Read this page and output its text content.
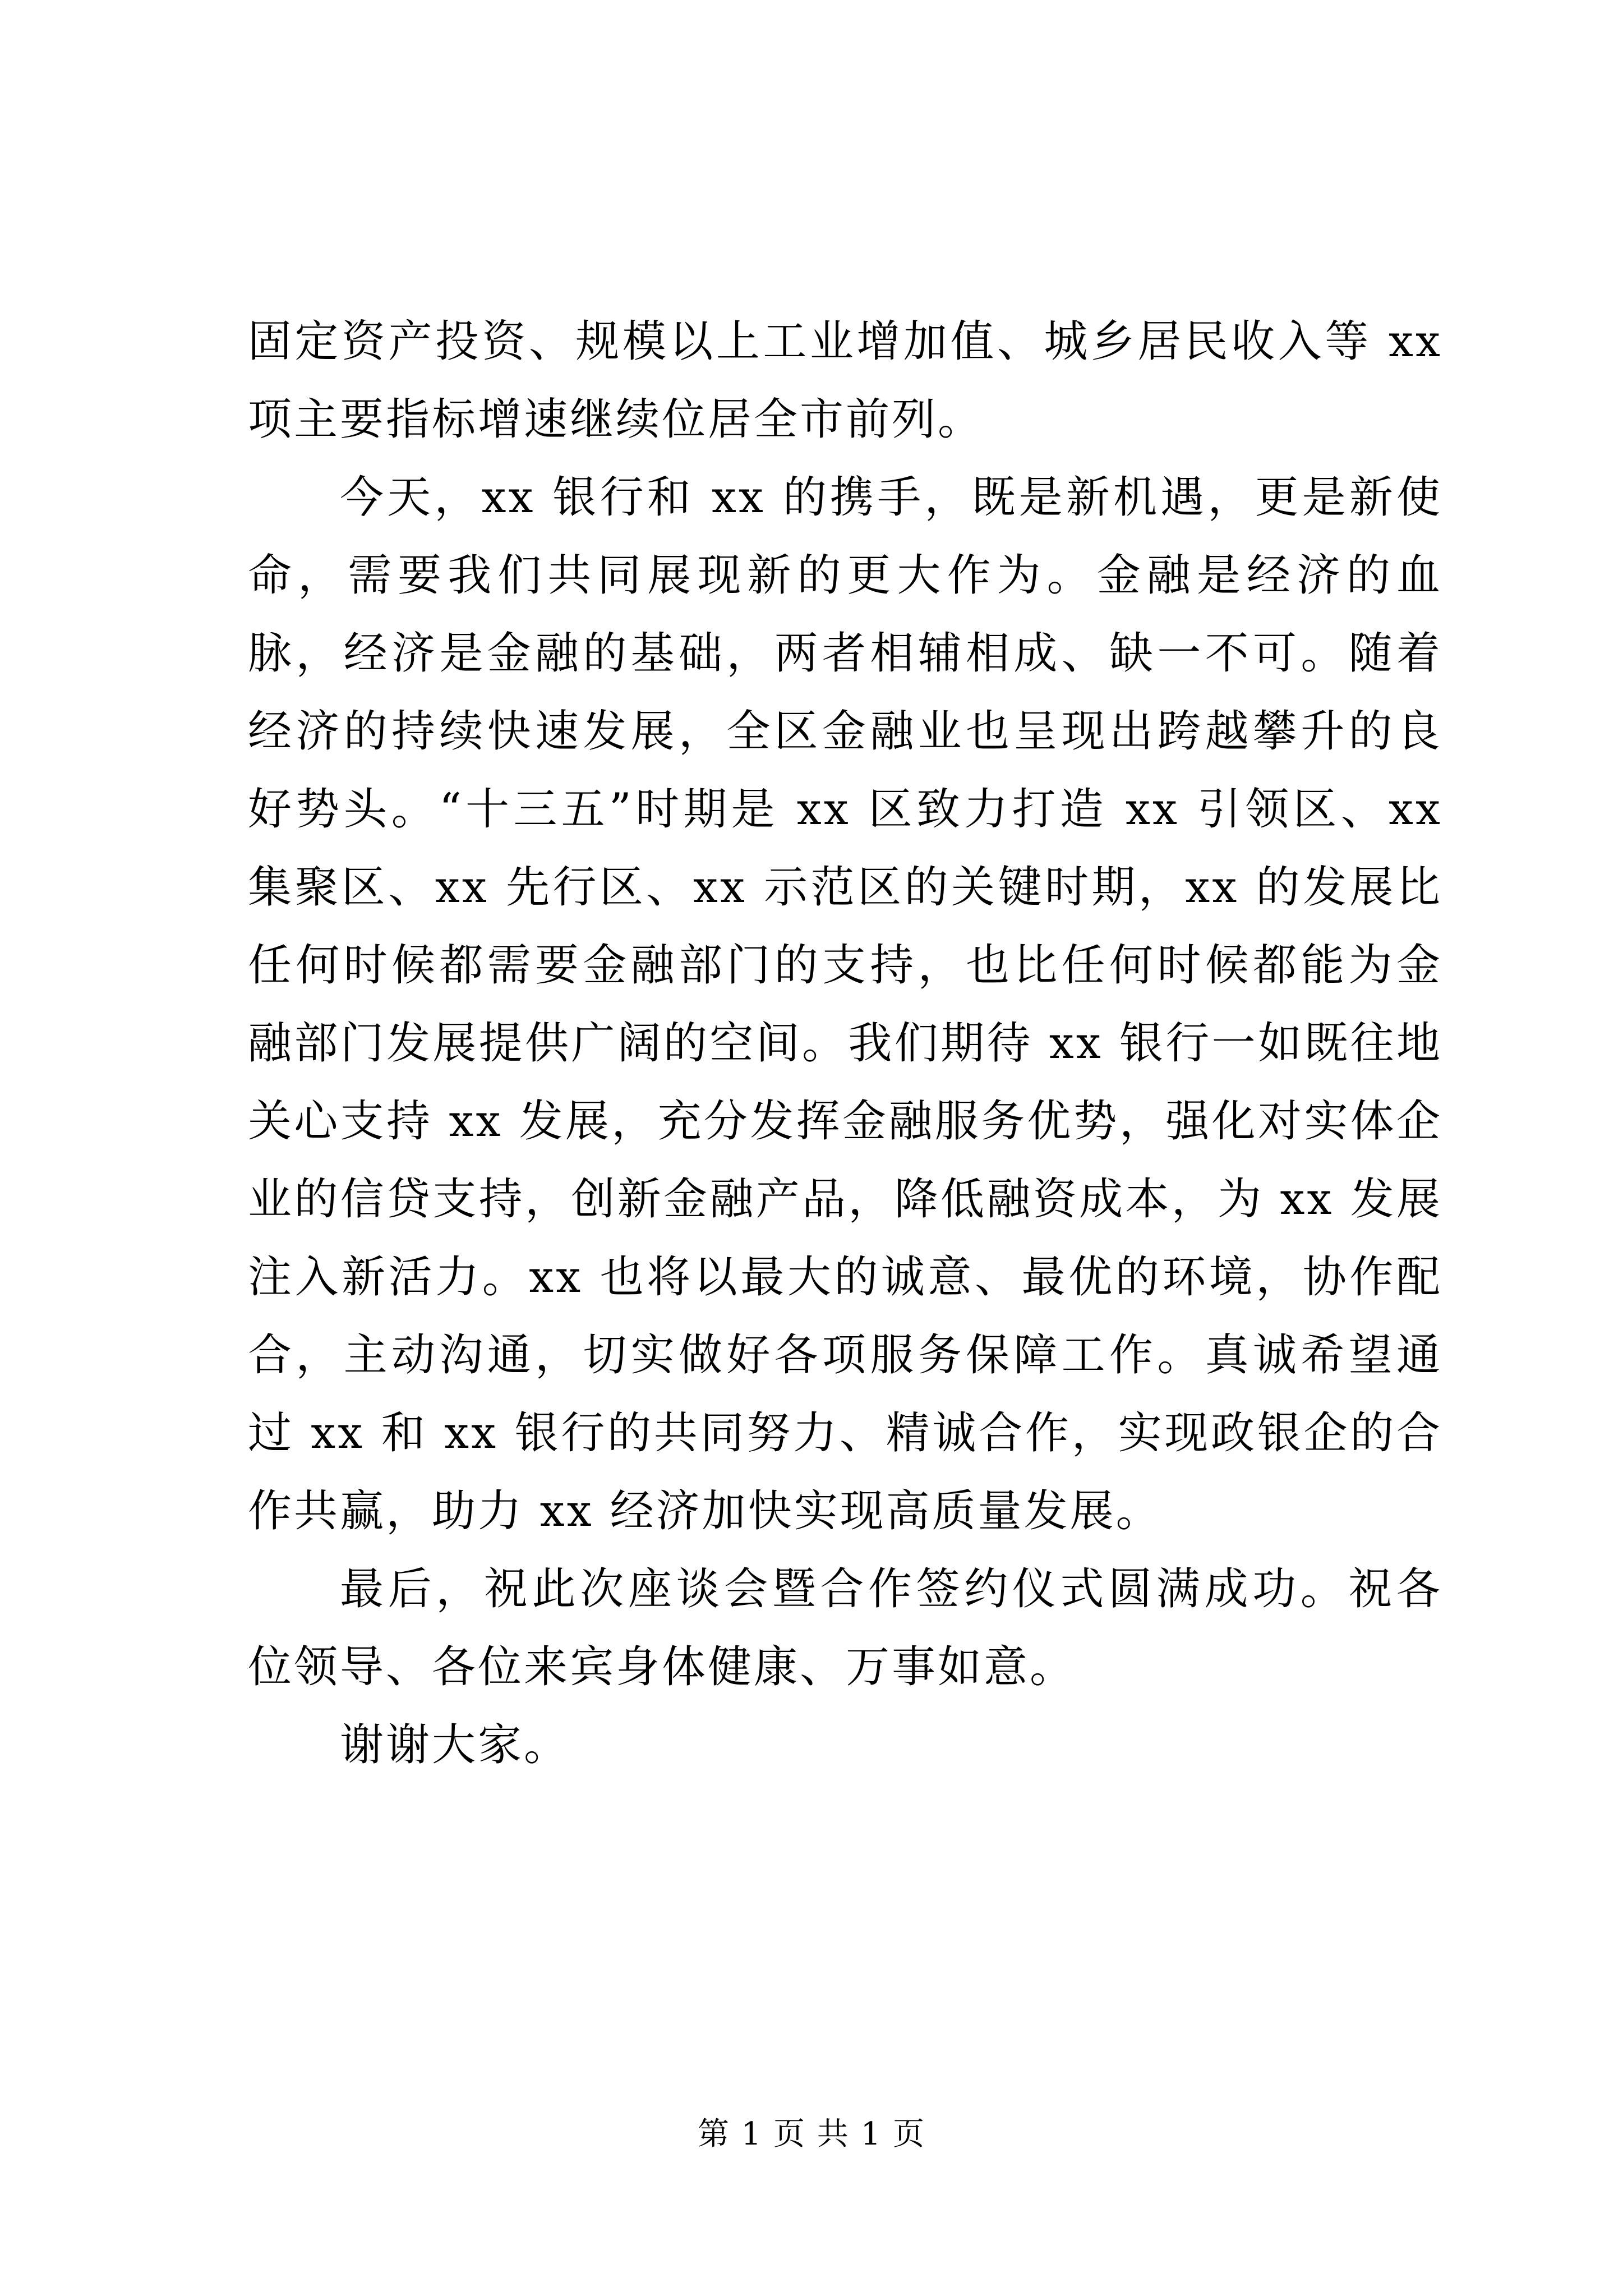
固定资产投资、规模以上工业增加值、城乡居民收入等 xx 项主要指标增速继续位居全市前列。

今天，xx 银行和 xx 的携手，既是新机遇，更是新使命，需要我们共同展现新的更大作为。金融是经济的血脉，经济是金融的基础，两者相辅相成、缺一不可。随着经济的持续快速发展，全区金融业也呈现出跨越攀升的良好势头。“十三五”时期是 xx 区致力打造 xx 引领区、xx 集聚区、xx 先行区、xx 示范区的关键时期，xx 的发展比任何时候都需要金融部门的支持，也比任何时候都能为金融部门发展提供广阔的空间。我们期待 xx 银行一如既往地关心支持 xx 发展，充分发挥金融服务优势，强化对实体企业的信贷支持，创新金融产品，降低融资成本，为 xx 发展注入新活力。xx 也将以最大的诚意、最优的环境，协作配合，主动沟通，切实做好各项服务保障工作。真诚希望通过 xx 和 xx 银行的共同努力、精诚合作，实现政银企的合作共赢，助力 xx 经济加快实现高质量发展。

最后，祝此次座谈会暨合作签约仪式圆满成功。祝各位领导、各位来宾身体健康、万事如意。

谢谢大家。

第 1 页 共 1 页
